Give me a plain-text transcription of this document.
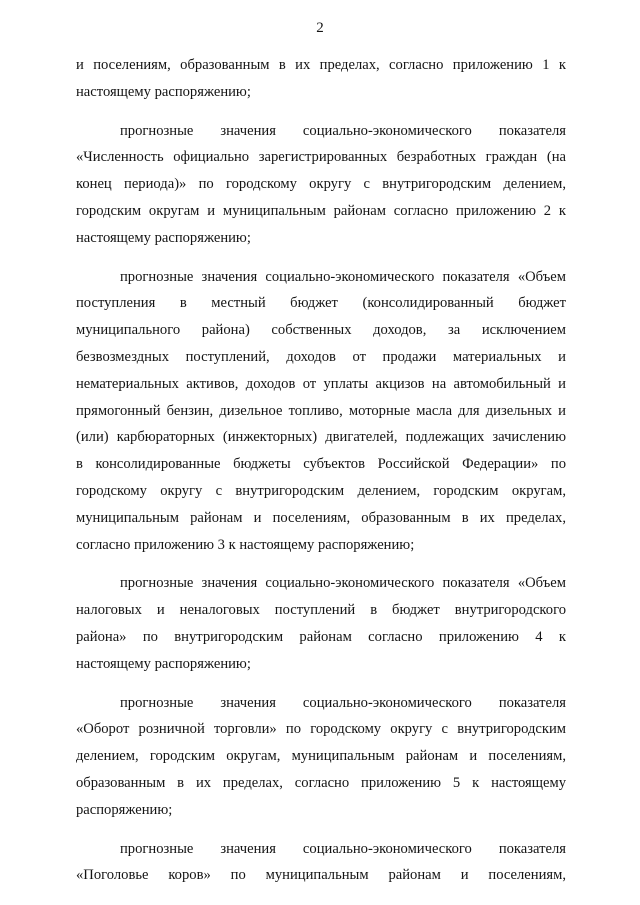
2

и поселениям, образованным в их пределах, согласно приложению 1 к
настоящему распоряжению;

прогнозные значения социально-экономического показателя
«Численность официально зарегистрированных безработных граждан (на
конец периода)» по городскому округу с внутригородским делением,
городским округам и муниципальным районам согласно приложению 2 к
настоящему распоряжению;

прогнозные значения социально-экономического показателя «Объем
поступления в местный бюджет (консолидированный бюджет
муниципального района) собственных доходов, за исключением
безвозмездных поступлений, доходов от продажи материальных и
нематериальных активов, доходов от уплаты акцизов на автомобильный и
прямогонный бензин, дизельное топливо, моторные масла для дизельных и
(или) карбюраторных (инжекторных) двигателей, подлежащих зачислению
в консолидированные бюджеты субъектов Российской Федерации» по
городскому округу с внутригородским делением, городским округам,
муниципальным районам и поселениям, образованным в их пределах,
согласно приложению 3 к настоящему распоряжению;

прогнозные значения социально-экономического показателя «Объем
налоговых и неналоговых поступлений в бюджет внутригородского
района» по внутригородским районам согласно приложению 4 к
настоящему распоряжению;

прогнозные значения социально-экономического показателя
«Оборот розничной торговли» по городскому округу с внутригородским
делением, городским округам, муниципальным районам и поселениям,
образованным в их пределах, согласно приложению 5 к настоящему
распоряжению;

прогнозные значения социально-экономического показателя
«Поголовье коров» по муниципальным районам и поселениям,
